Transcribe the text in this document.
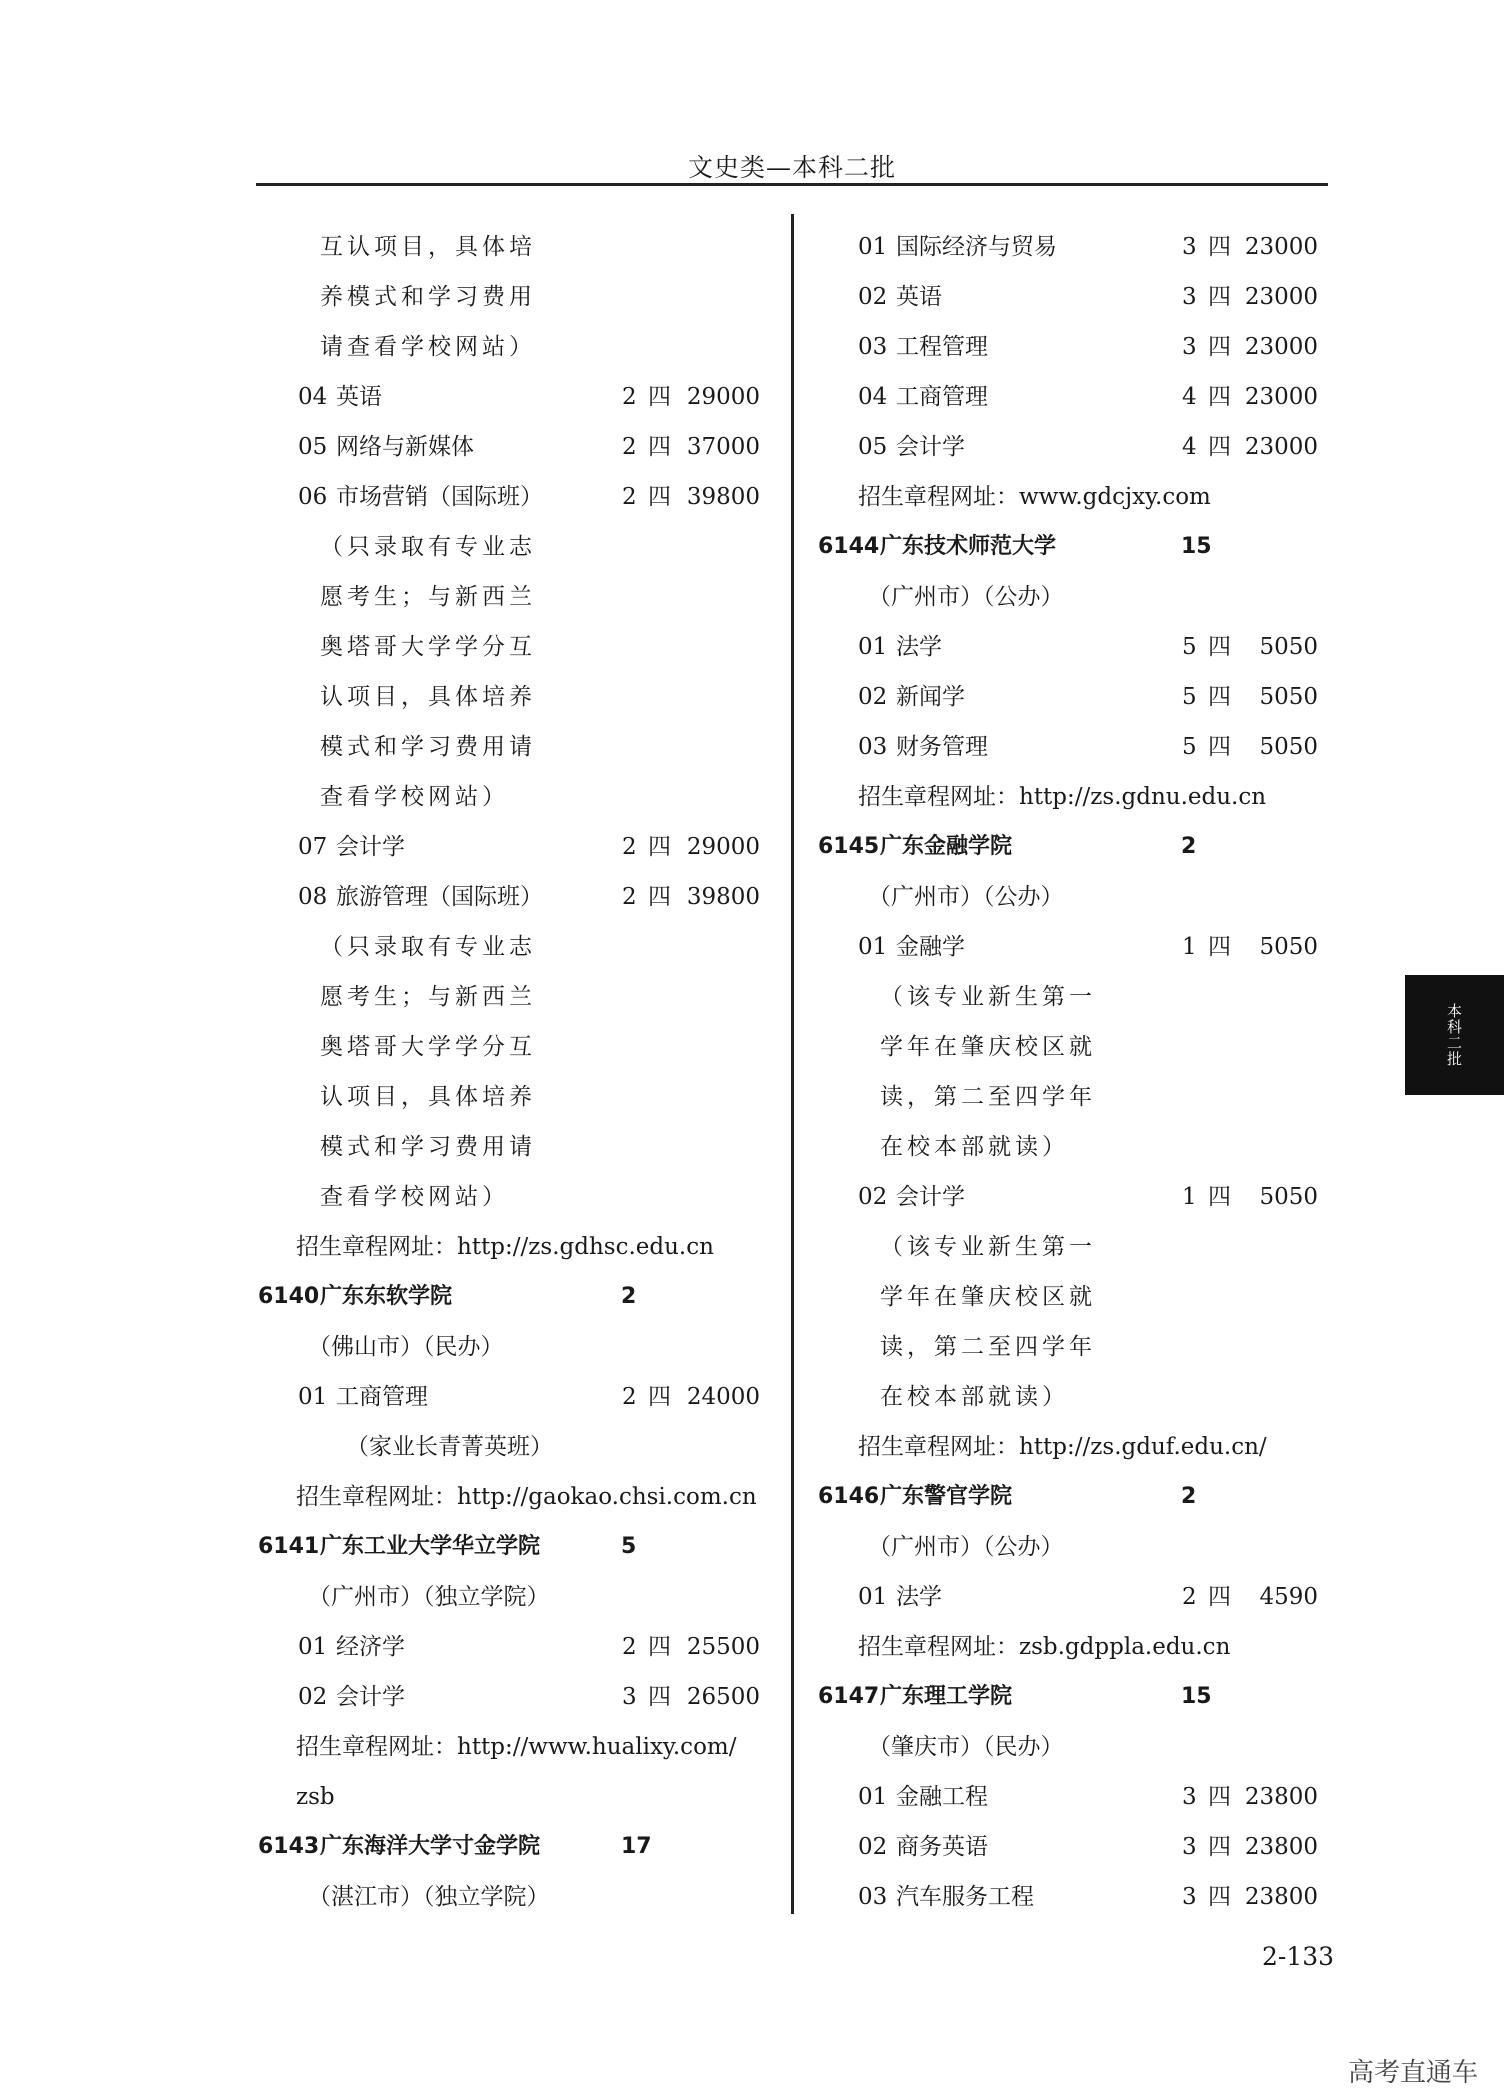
文史类—本科二批
互认项目，具体培
养模式和学习费用
请查看学校网站）
04 英语	2 四 29000
05 网络与新媒体	2 四 37000
06 市场营销（国际班）	2 四 39800
（只录取有专业志
愿考生；与新西兰
奥塔哥大学学分互
认项目，具体培养
模式和学习费用请
查看学校网站）
07 会计学	2 四 29000
08 旅游管理（国际班）	2 四 39800
（只录取有专业志
愿考生；与新西兰
奥塔哥大学学分互
认项目，具体培养
模式和学习费用请
查看学校网站）
招生章程网址：http://zs.gdhsc.edu.cn
6140 广东东软学院	2
（佛山市）（民办）
01 工商管理	2 四 24000
（家业长青菁英班）
招生章程网址：http://gaokao.chsi.com.cn
6141 广东工业大学华立学院	5
（广州市）（独立学院）
01 经济学	2 四 25500
02 会计学	3 四 26500
招生章程网址：http://www.hualixy.com/
zsb
6143 广东海洋大学寸金学院	17
（湛江市）（独立学院）
01 国际经济与贸易	3 四 23000
02 英语	3 四 23000
03 工程管理	3 四 23000
04 工商管理	4 四 23000
05 会计学	4 四 23000
招生章程网址：www.gdcjxy.com
6144 广东技术师范大学	15
（广州市）（公办）
01 法学	5 四 5050
02 新闻学	5 四 5050
03 财务管理	5 四 5050
招生章程网址：http://zs.gdnu.edu.cn
6145 广东金融学院	2
（广州市）（公办）
01 金融学	1 四 5050
（该专业新生第一
学年在肇庆校区就
读，第二至四学年
在校本部就读）
02 会计学	1 四 5050
（该专业新生第一
学年在肇庆校区就
读，第二至四学年
在校本部就读）
招生章程网址：http://zs.gduf.edu.cn/
6146 广东警官学院	2
（广州市）（公办）
01 法学	2 四 4590
招生章程网址：zsb.gdppla.edu.cn
6147 广东理工学院	15
（肇庆市）（民办）
01 金融工程	3 四 23800
02 商务英语	3 四 23800
03 汽车服务工程	3 四 23800
本科二批
2-133
高考直通车
